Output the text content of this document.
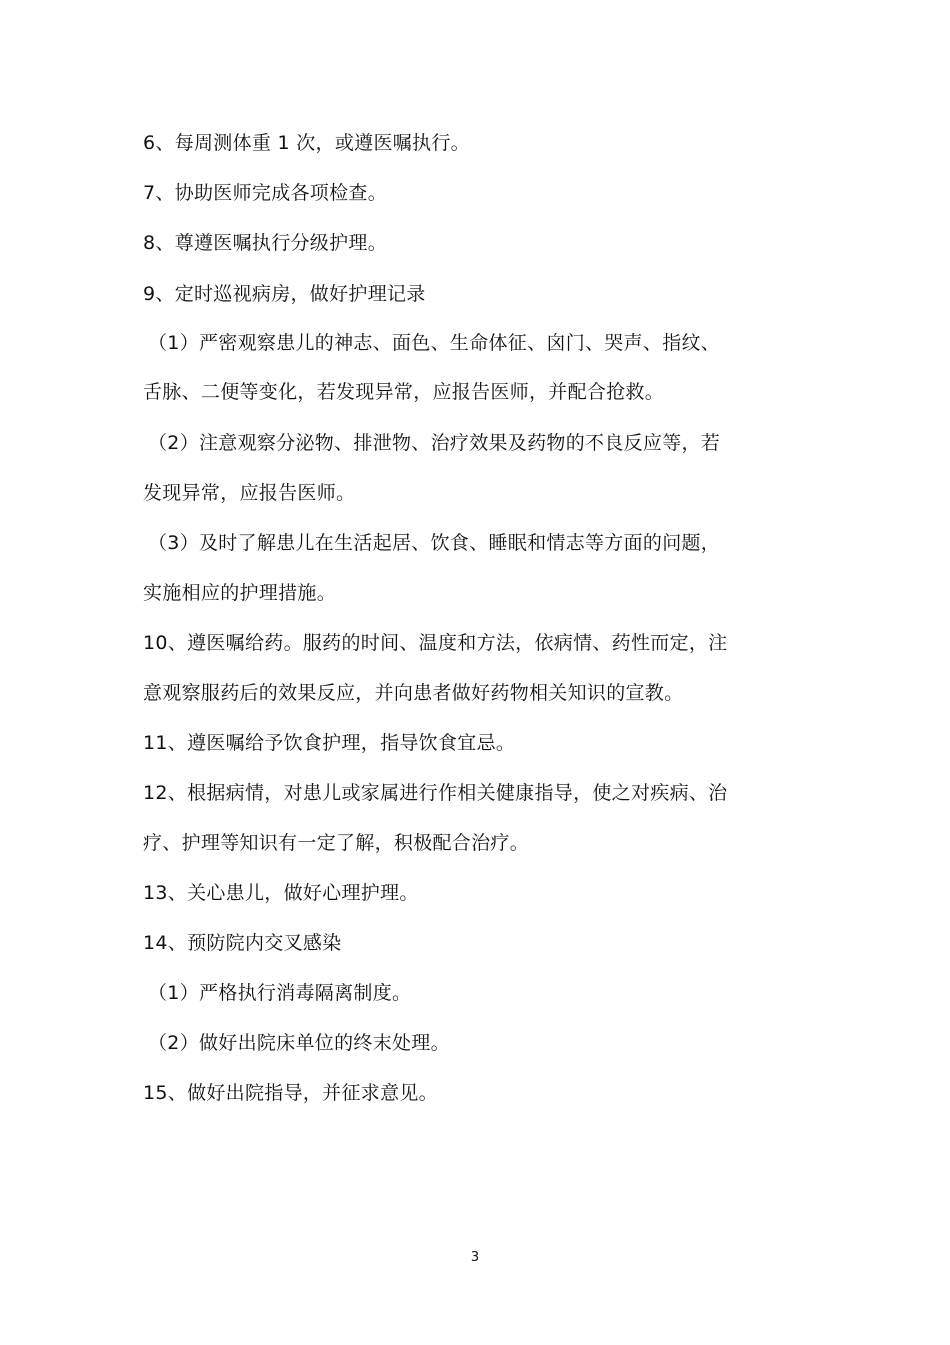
6、每周测体重 1 次，或遵医嘱执行。
7、协助医师完成各项检查。
8、尊遵医嘱执行分级护理。
9、定时巡视病房，做好护理记录
（1）严密观察患儿的神志、面色、生命体征、囟门、哭声、指纹、
舌脉、二便等变化，若发现异常，应报告医师，并配合抢救。
（2）注意观察分泌物、排泄物、治疗效果及药物的不良反应等，若
发现异常，应报告医师。
（3）及时了解患儿在生活起居、饮食、睡眠和情志等方面的问题，
实施相应的护理措施。
10、遵医嘱给药。服药的时间、温度和方法，依病情、药性而定，注
意观察服药后的效果反应，并向患者做好药物相关知识的宣教。
11、遵医嘱给予饮食护理，指导饮食宜忌。
12、根据病情，对患儿或家属进行作相关健康指导，使之对疾病、治
疗、护理等知识有一定了解，积极配合治疗。
13、关心患儿，做好心理护理。
14、预防院内交叉感染
（1）严格执行消毒隔离制度。
（2）做好出院床单位的终末处理。
15、做好出院指导，并征求意见。
3
